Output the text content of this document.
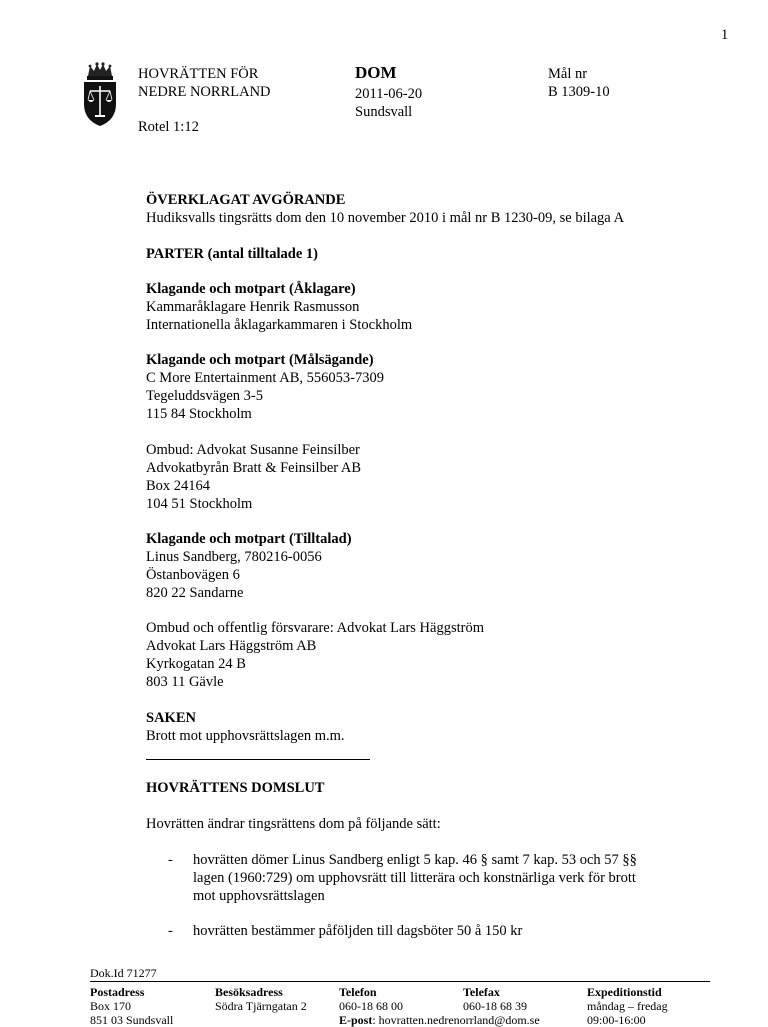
1
HOVRÄTTEN FÖR
NEDRE NORRLAND
Rotel 1:12
DOM
2011-06-20
Sundsvall
Mål nr
B 1309-10
ÖVERKLAGAT AVGÖRANDE
Hudiksvalls tingsrätts dom den 10 november 2010 i mål nr B 1230-09, se bilaga A
PARTER (antal tilltalade 1)
Klagande och motpart (Åklagare)
Kammaråklagare Henrik Rasmusson
Internationella åklagarkammaren i Stockholm
Klagande och motpart (Målsägande)
C More Entertainment AB, 556053-7309
Tegeluddsvägen 3-5
115 84 Stockholm
Ombud: Advokat Susanne Feinsilber
Advokatbyrån Bratt & Feinsilber AB
Box 24164
104 51 Stockholm
Klagande och motpart (Tilltalad)
Linus Sandberg, 780216-0056
Östanbovägen 6
820 22 Sandarne
Ombud och offentlig försvarare: Advokat Lars Häggström
Advokat Lars Häggström AB
Kyrkogatan 24 B
803 11 Gävle
SAKEN
Brott mot upphovsrättslagen m.m.
HOVRÄTTENS DOMSLUT
Hovrätten ändrar tingsrättens dom på följande sätt:
- hovrätten dömer Linus Sandberg enligt 5 kap. 46 § samt 7 kap. 53 och 57 §§
lagen (1960:729) om upphovsrätt till litterära och konstnärliga verk för brott
mot upphovsrättslagen
- hovrätten bestämmer påföljden till dagsböter 50 å 150 kr
Dok.Id 71277
Postadress
Box 170
851 03 Sundsvall
Besöksadress
Södra Tjärngatan 2
Telefon
060-18 68 00
E-post: hovratten.nedrenorrland@dom.se
Telefax
060-18 68 39
Expeditionstid
måndag – fredag
09:00-16:00
